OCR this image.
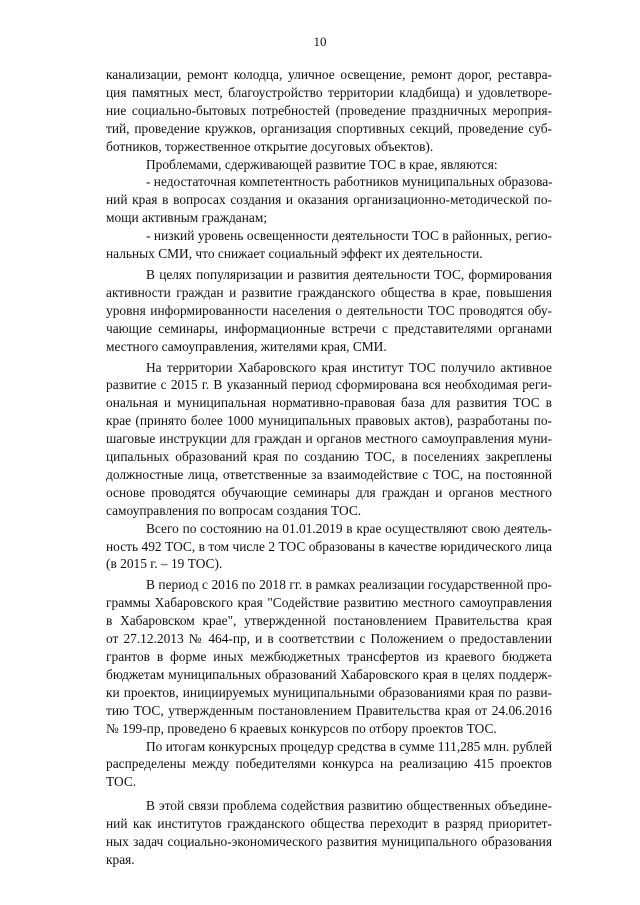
10
канализации, ремонт колодца, уличное освещение, ремонт дорог, реставра-
ция памятных мест, благоустройство территории кладбища) и удовлетворе-
ние социально-бытовых потребностей (проведение праздничных мероприя-
тий, проведение кружков, организация спортивных секций, проведение суб-
ботников, торжественное открытие досуговых объектов).
Проблемами, сдерживающей развитие ТОС в крае, являются:
- недостаточная компетентность работников муниципальных образова-
ний края в вопросах создания и оказания организационно-методической по-
мощи активным гражданам;
- низкий уровень освещенности деятельности ТОС в районных, регио-
нальных СМИ, что снижает социальный эффект их деятельности.
В целях популяризации и развития деятельности ТОС, формирования
активности граждан и развитие гражданского общества в крае, повышения
уровня информированности населения о деятельности ТОС проводятся обу-
чающие семинары, информационные встречи с представителями органами
местного самоуправления, жителями края, СМИ.
На территории Хабаровского края институт ТОС получило активное
развитие с 2015 г. В указанный период сформирована вся необходимая реги-
ональная и муниципальная нормативно-правовая база для развития ТОС в
крае (принято более 1000 муниципальных правовых актов), разработаны по-
шаговые инструкции для граждан и органов местного самоуправления муни-
ципальных образований края по созданию ТОС, в поселениях закреплены
должностные лица, ответственные за взаимодействие с ТОС, на постоянной
основе проводятся обучающие семинары для граждан и органов местного
самоуправления по вопросам создания ТОС.
Всего по состоянию на 01.01.2019 в крае осуществляют свою деятель-
ность 492 ТОС, в том числе 2 ТОС образованы в качестве юридического лица
(в 2015 г. – 19 ТОС).
В период с 2016 по 2018 гг. в рамках реализации государственной про-
граммы Хабаровского края "Содействие развитию местного самоуправления
в Хабаровском крае", утвержденной постановлением Правительства края
от 27.12.2013 № 464-пр, и в соответствии с Положением о предоставлении
грантов в форме иных межбюджетных трансфертов из краевого бюджета
бюджетам муниципальных образований Хабаровского края в целях поддерж-
ки проектов, инициируемых муниципальными образованиями края по разви-
тию ТОС, утвержденным постановлением Правительства края от 24.06.2016
№ 199-пр, проведено 6 краевых конкурсов по отбору проектов ТОС.
По итогам конкурсных процедур средства в сумме 111,285 млн. рублей
распределены между победителями конкурса на реализацию 415 проектов
ТОС.
В этой связи проблема содействия развитию общественных объедине-
ний как институтов гражданского общества переходит в разряд приоритет-
ных задач социально-экономического развития муниципального образования
края.
